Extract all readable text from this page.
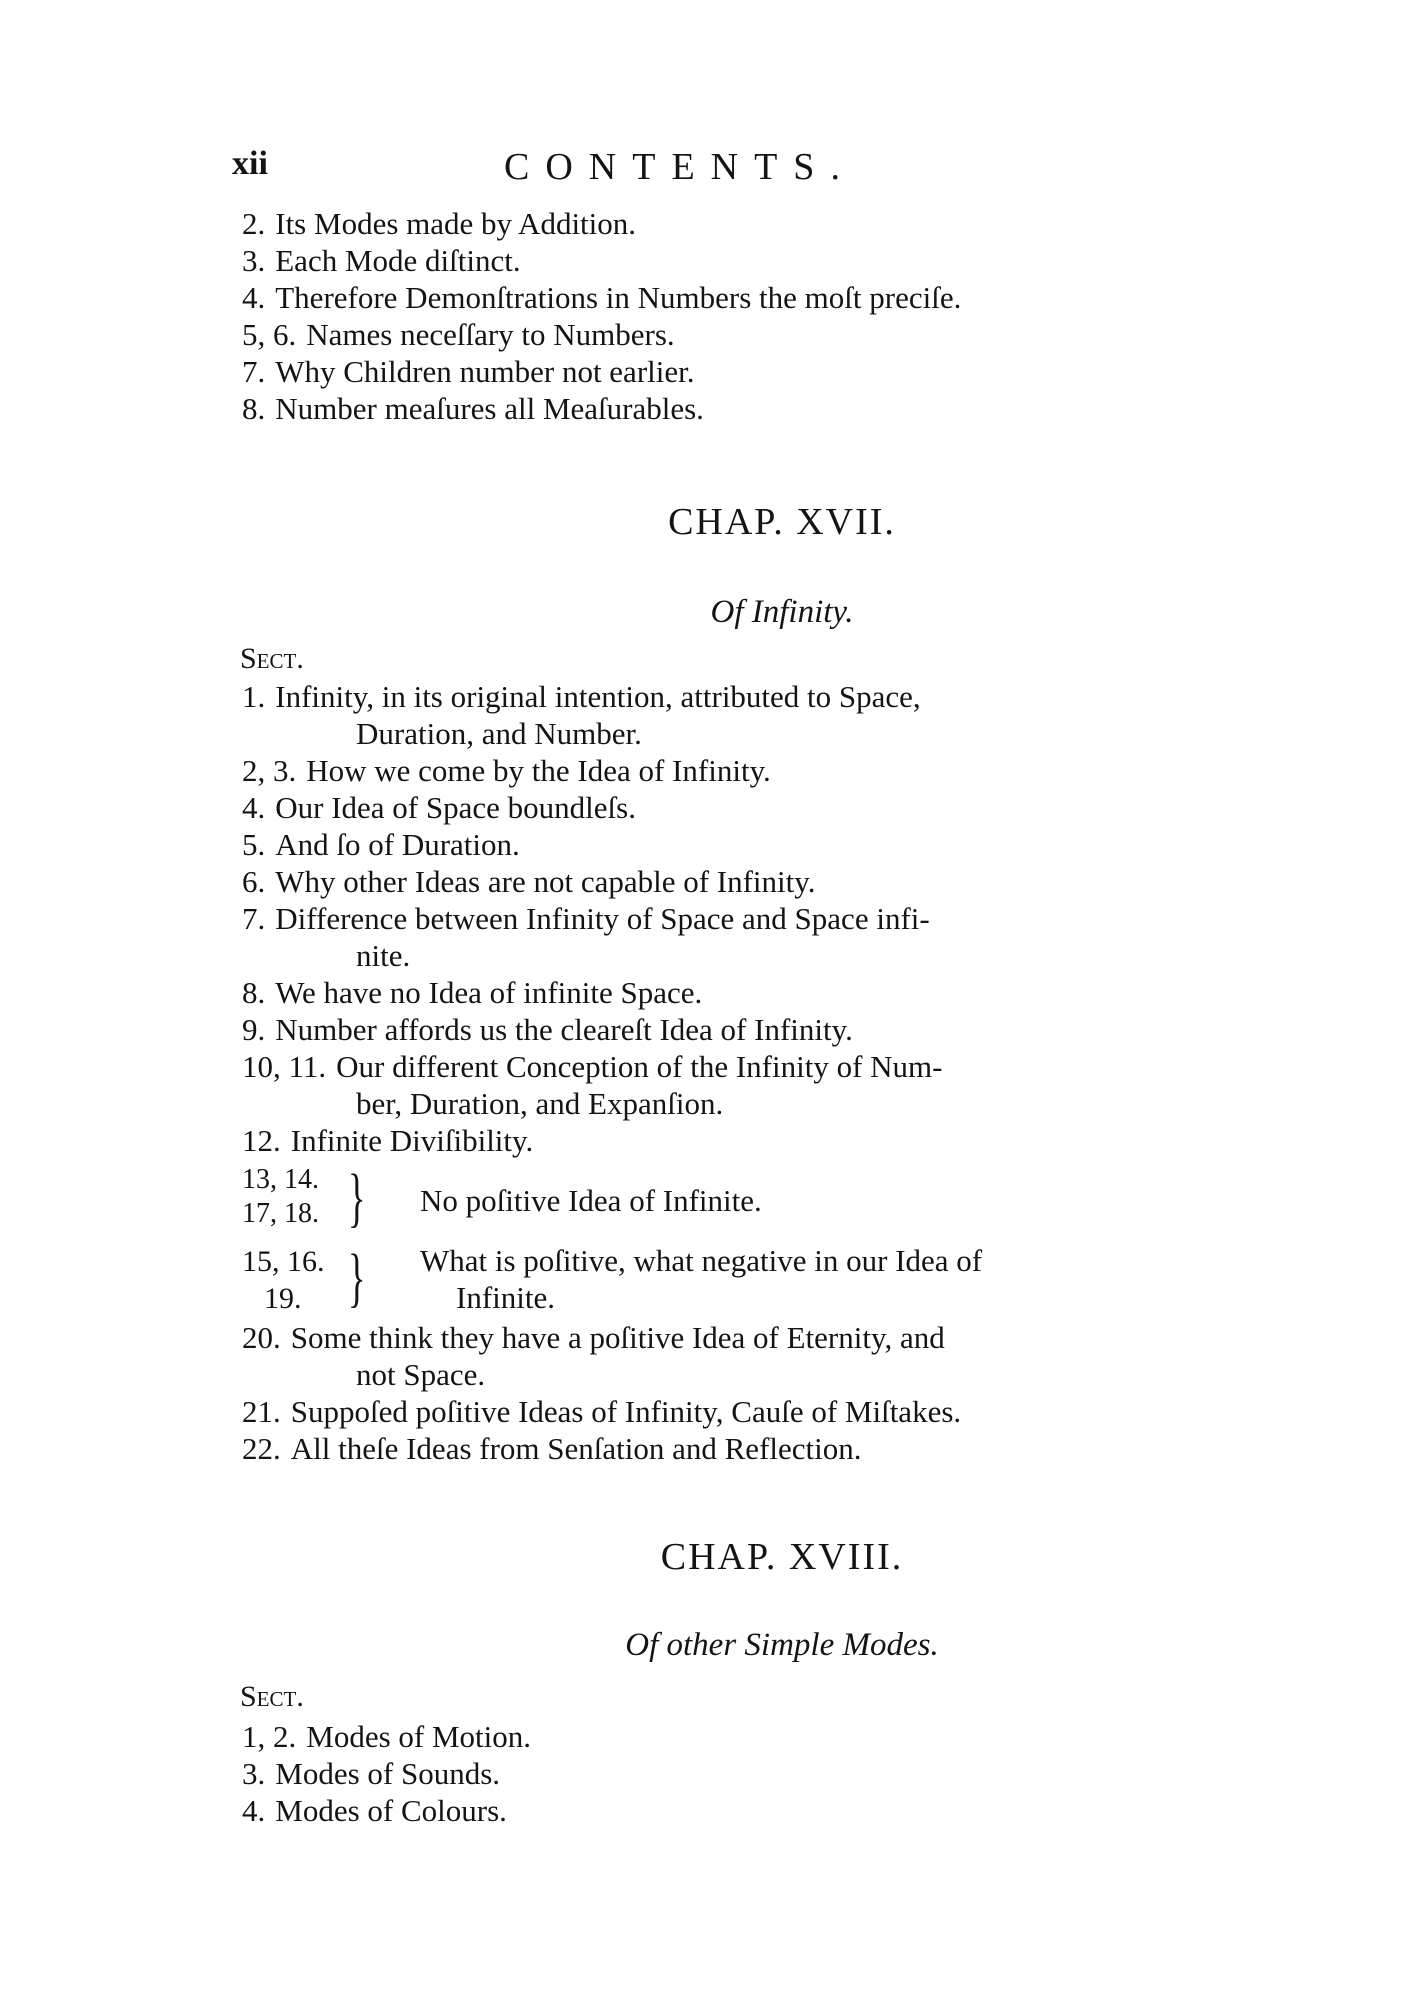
xii	CONTENTS.
2. Its Modes made by Addition.
3. Each Mode diſtinct.
4. Therefore Demonſtrations in Numbers the moſt preciſe.
5, 6. Names neceſſary to Numbers.
7. Why Children number not earlier.
8. Number meaſures all Meaſurables.
CHAP. XVII.
Of Infinity.
Sect.
1. Infinity, in its original intention, attributed to Space,
Duration, and Number.
2, 3. How we come by the Idea of Infinity.
4. Our Idea of Space boundleſs.
5. And ſo of Duration.
6. Why other Ideas are not capable of Infinity.
7. Difference between Infinity of Space and Space infi-
nite.
8. We have no Idea of infinite Space.
9. Number affords us the cleareſt Idea of Infinity.
10, 11. Our different Conception of the Infinity of Num-
ber, Duration, and Expanſion.
12. Infinite Diviſibility.
13, 14.
17, 18. } No poſitive Idea of Infinite.
15, 16.
19. } What is poſitive, what negative in our Idea of
Infinite.
20. Some think they have a poſitive Idea of Eternity, and
not Space.
21. Suppoſed poſitive Ideas of Infinity, Cauſe of Miſtakes.
22. All theſe Ideas from Senſation and Reflection.
CHAP. XVIII.
Of other Simple Modes.
Sect.
1, 2. Modes of Motion.
3. Modes of Sounds.
4. Modes of Colours.
